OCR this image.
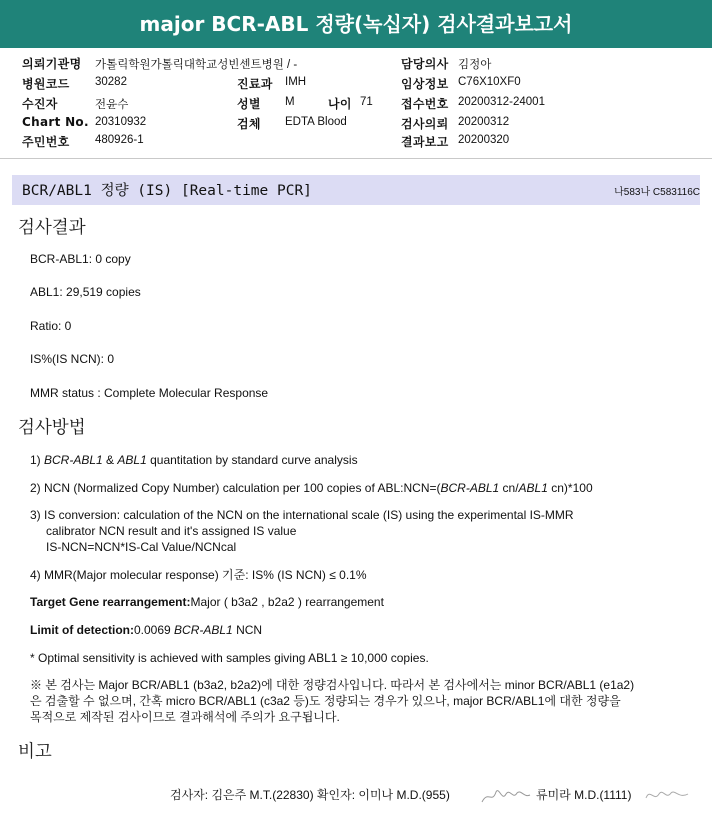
major BCR-ABL 정량(녹십자) 검사결과보고서
의뢰기관명 가톨릭학원가톨릭대학교성빈센트병원 / -
병원코드 30282
수진자	전윤수
Chart No. 20310932
주민번호 480926-1
진료과 IMH
성별 M	나이 71
검체 EDTA Blood
담당의사 김정아
임상정보 C76X10XF0
접수번호 20200312-24001
검사의뢰 20200312
결과보고 20200320
BCR/ABL1 정량 (IS) [Real-time PCR]	나583나 C583116C
검사결과
BCR-ABL1: 0 copy
ABL1: 29,519 copies
Ratio: 0
IS%(IS NCN): 0
MMR status : Complete Molecular Response
검사방법
1) BCR-ABL1 & ABL1 quantitation by standard curve analysis
2) NCN (Normalized Copy Number) calculation per 100 copies of ABL:NCN=(BCR-ABL1 cn/ABL1 cn)*100
3) IS conversion: calculation of the NCN on the international scale (IS) using the experimental IS-MMR
calibrator NCN result and it's assigned IS value
IS-NCN=NCN*IS-Cal Value/NCNcal
4) MMR(Major molecular response) 기준: IS% (IS NCN) ≤ 0.1%
Target Gene rearrangement:Major ( b3a2 , b2a2 ) rearrangement
Limit of detection:0.0069 BCR-ABL1 NCN
* Optimal sensitivity is achieved with samples giving ABL1 ≥ 10,000 copies.
※ 본 검사는 Major BCR/ABL1 (b3a2, b2a2)에 대한 정량검사입니다. 따라서 본 검사에서는 minor BCR/ABL1 (e1a2)
은 검출할 수 없으며, 간혹 micro BCR/ABL1 (c3a2 등)도 정량되는 경우가 있으나, major BCR/ABL1에 대한 정량을
목적으로 제작된 검사이므로 결과해석에 주의가 요구됩니다.
비고
검사자: 김은주 M.T.(22830) 확인자: 이미나 M.D.(955)	류미라 M.D.(1111)
